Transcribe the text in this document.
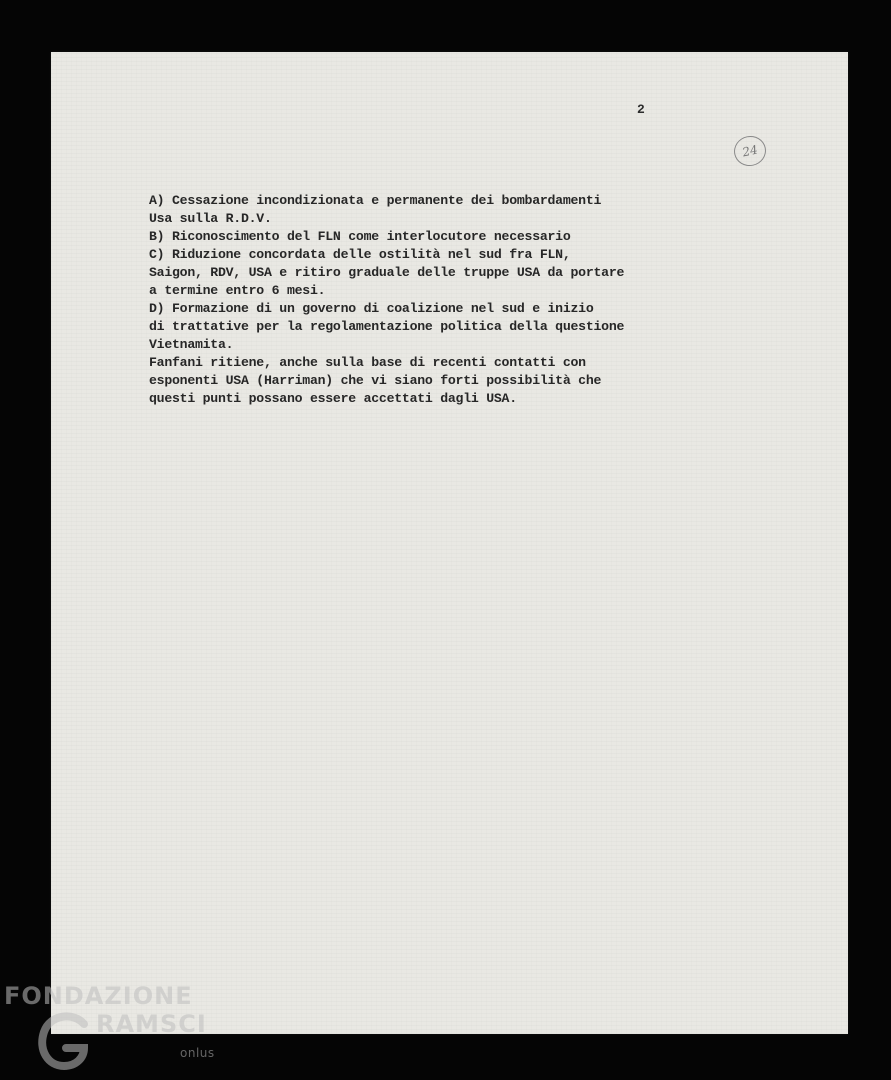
2
24
A) Cessazione incondizionata e permanente dei bombardamenti
Usa sulla R.D.V.
B) Riconoscimento del FLN come interlocutore necessario
C) Riduzione concordata delle ostilità nel sud fra FLN,
Saigon, RDV, USA e ritiro graduale delle truppe USA da portare
a termine entro 6 mesi.
D) Formazione di un governo di coalizione nel sud e inizio
di trattative per la regolamentazione politica della questione
Vietnamita.
Fanfani ritiene, anche sulla base di recenti contatti con
esponenti USA (Harriman) che vi siano forti possibilità che
questi punti possano essere accettati dagli USA.
FONDAZIONE
RAMSCI
onlus
